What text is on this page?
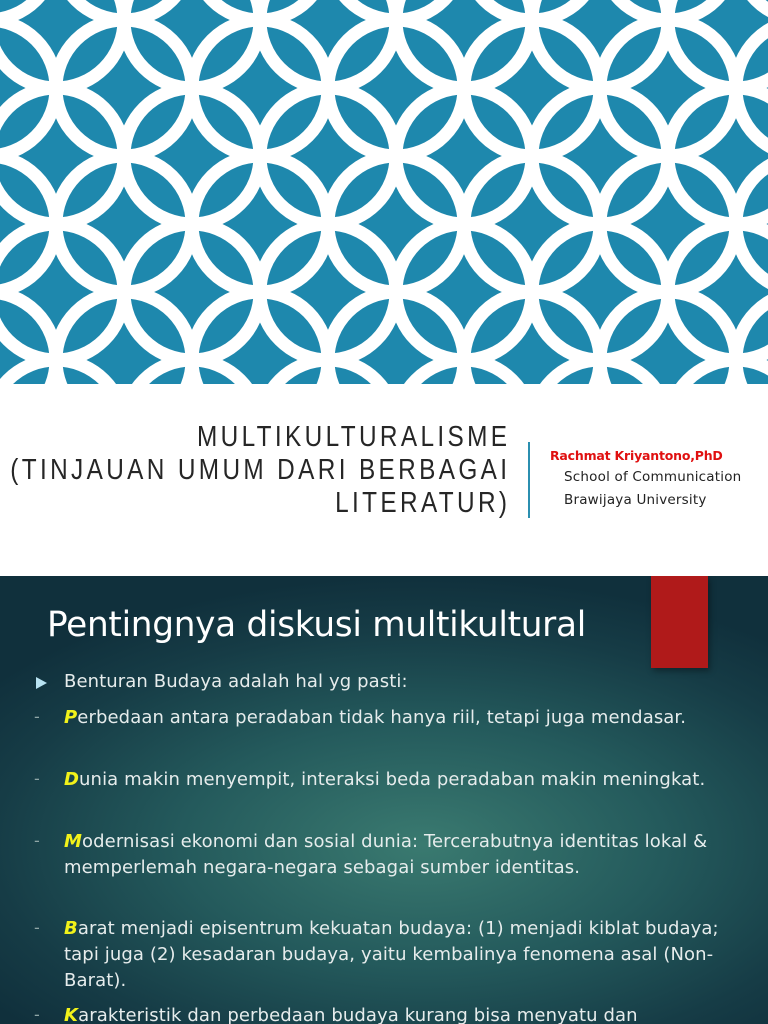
MULTIKULTURALISME
(TINJAUAN UMUM DARI BERBAGAI
LITERATUR)
Rachmat Kriyantono,PhD
School of Communication
Brawijaya University
Pentingnya diskusi multikultural
Benturan Budaya adalah hal yg pasti:
- Perbedaan antara peradaban tidak hanya riil, tetapi juga mendasar.
- Dunia makin menyempit, interaksi beda peradaban makin meningkat.
- Modernisasi ekonomi dan sosial dunia: Tercerabutnya identitas lokal & memperlemah negara-negara sebagai sumber identitas.
- Barat menjadi episentrum kekuatan budaya: (1) menjadi kiblat budaya; tapi juga (2) kesadaran budaya, yaitu kembalinya fenomena asal (Non-Barat).
- Karakteristik dan perbedaan budaya kurang bisa menyatu dan
